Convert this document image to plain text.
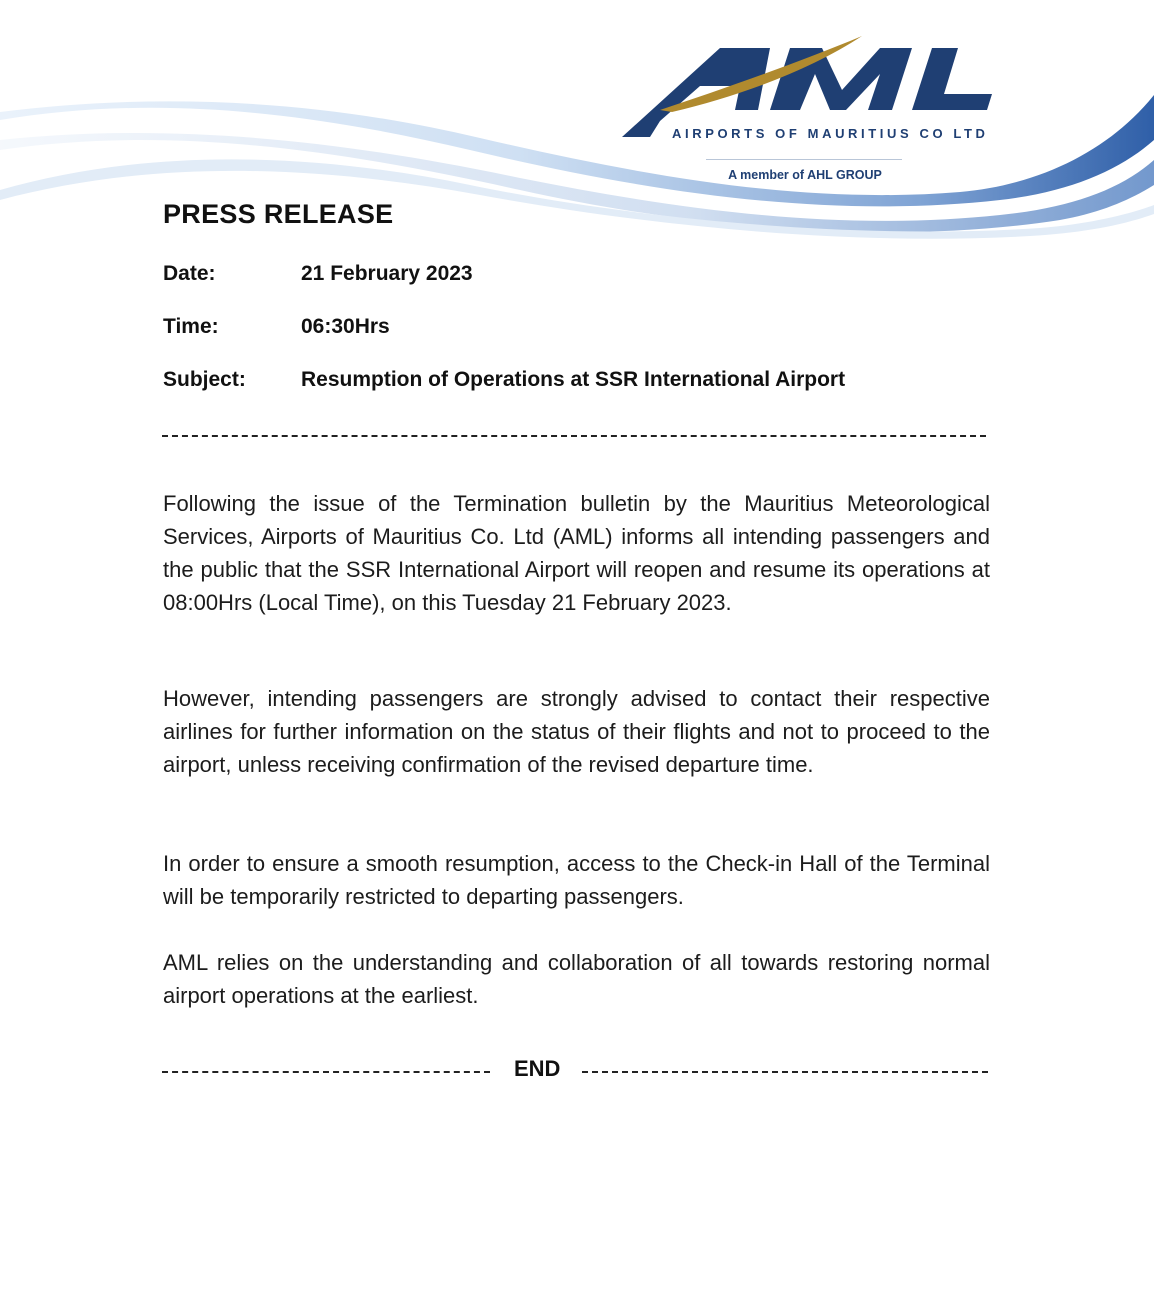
AIRPORTS OF MAURITIUS CO LTD
A member of AHL GROUP
PRESS RELEASE
Date:	21 February 2023
Time:	06:30Hrs
Subject:	Resumption of Operations at SSR International Airport

Following the issue of the Termination bulletin by the Mauritius Meteorological Services, Airports of Mauritius Co. Ltd (AML) informs all intending passengers and the public that the SSR International Airport will reopen and resume its operations at 08:00Hrs (Local Time), on this Tuesday 21 February 2023.

However, intending passengers are strongly advised to contact their respective airlines for further information on the status of their flights and not to proceed to the airport, unless receiving confirmation of the revised departure time.

In order to ensure a smooth resumption, access to the Check-in Hall of the Terminal will be temporarily restricted to departing passengers.

AML relies on the understanding and collaboration of all towards restoring normal airport operations at the earliest.

END
